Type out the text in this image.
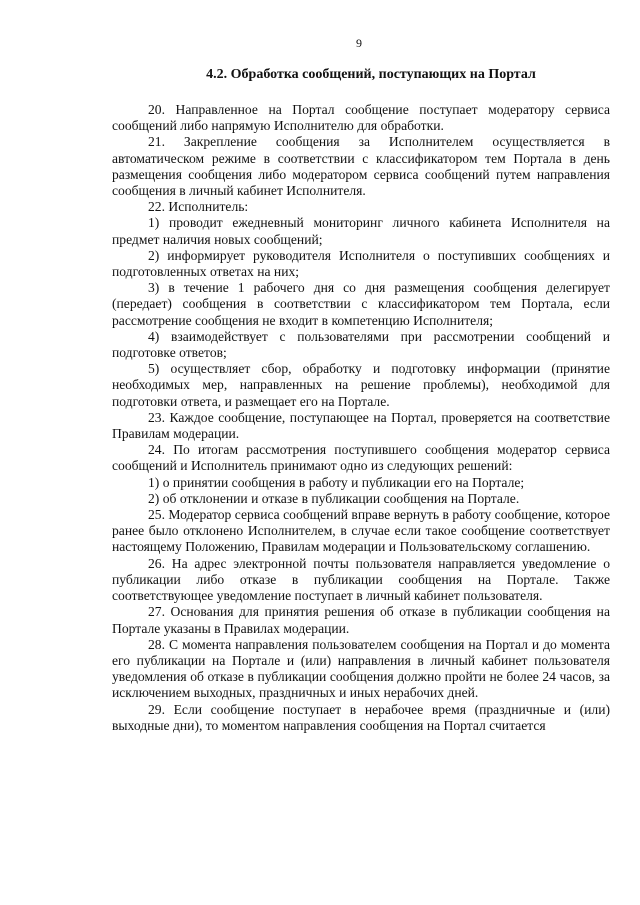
9
4.2. Обработка сообщений, поступающих на Портал

20. Направленное на Портал сообщение поступает модератору сервиса сообщений либо напрямую Исполнителю для обработки.

21. Закрепление сообщения за Исполнителем осуществляется в автоматическом режиме в соответствии с классификатором тем Портала в день размещения сообщения либо модератором сервиса сообщений путем направления сообщения в личный кабинет Исполнителя.

22. Исполнитель:

1) проводит ежедневный мониторинг личного кабинета Исполнителя на предмет наличия новых сообщений;

2) информирует руководителя Исполнителя о поступивших сообщениях и подготовленных ответах на них;

3) в течение 1 рабочего дня со дня размещения сообщения делегирует (передает) сообщения в соответствии с классификатором тем Портала, если рассмотрение сообщения не входит в компетенцию Исполнителя;

4) взаимодействует с пользователями при рассмотрении сообщений и подготовке ответов;

5) осуществляет сбор, обработку и подготовку информации (принятие необходимых мер, направленных на решение проблемы), необходимой для подготовки ответа, и размещает его на Портале.

23. Каждое сообщение, поступающее на Портал, проверяется на соответствие Правилам модерации.

24. По итогам рассмотрения поступившего сообщения модератор сервиса сообщений и Исполнитель принимают одно из следующих решений:

1) о принятии сообщения в работу и публикации его на Портале;

2) об отклонении и отказе в публикации сообщения на Портале.

25. Модератор сервиса сообщений вправе вернуть в работу сообщение, которое ранее было отклонено Исполнителем, в случае если такое сообщение соответствует настоящему Положению, Правилам модерации и Пользовательскому соглашению.

26. На адрес электронной почты пользователя направляется уведомление о публикации либо отказе в публикации сообщения на Портале. Также соответствующее уведомление поступает в личный кабинет пользователя.

27. Основания для принятия решения об отказе в публикации сообщения на Портале указаны в Правилах модерации.

28. С момента направления пользователем сообщения на Портал и до момента его публикации на Портале и (или) направления в личный кабинет пользователя уведомления об отказе в публикации сообщения должно пройти не более 24 часов, за исключением выходных, праздничных и иных нерабочих дней.

29. Если сообщение поступает в нерабочее время (праздничные и (или) выходные дни), то моментом направления сообщения на Портал считается
